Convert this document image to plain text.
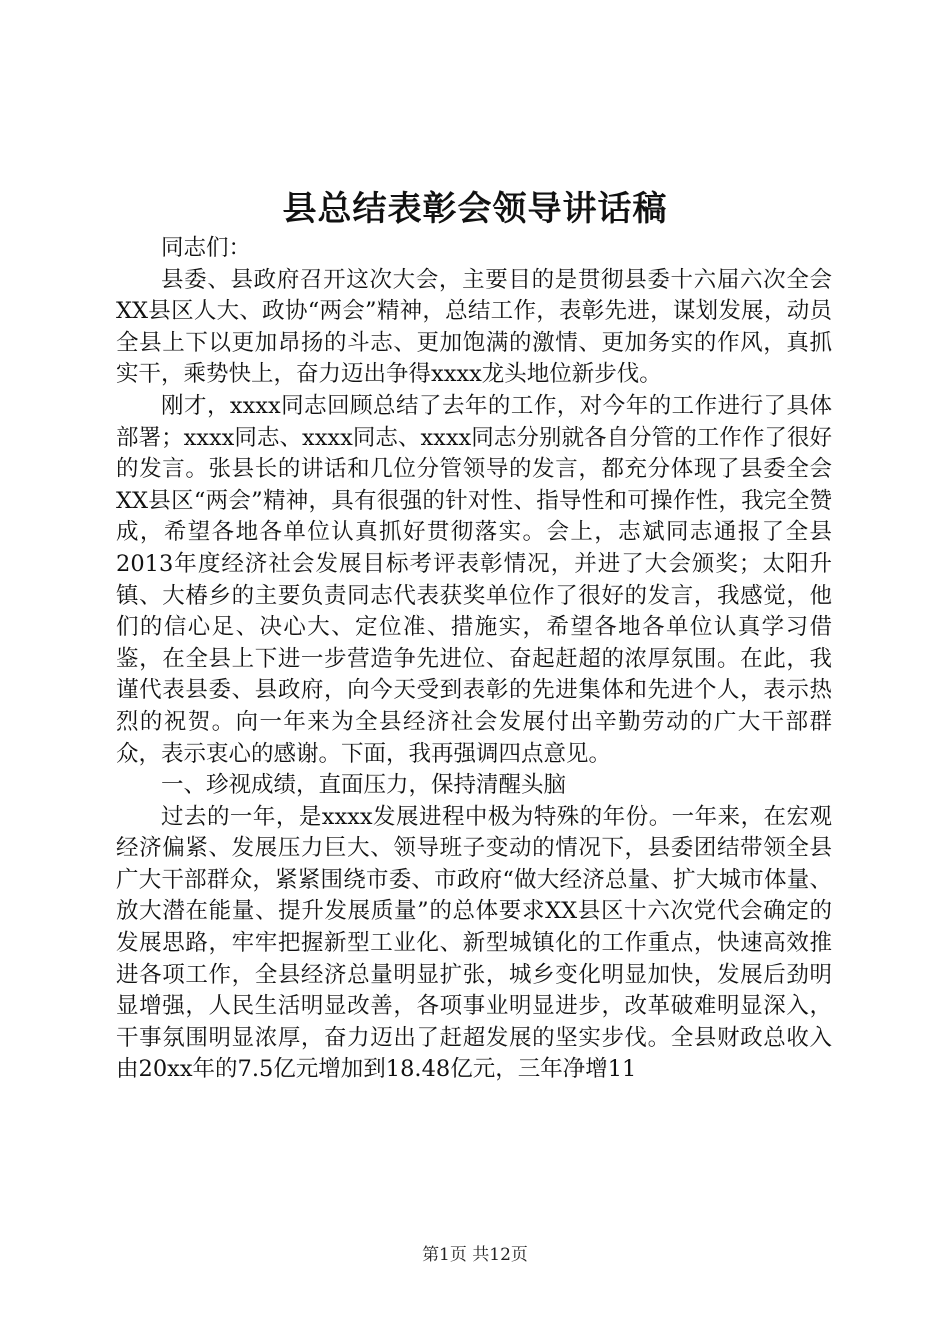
县总结表彰会领导讲话稿

同志们：

县委、县政府召开这次大会，主要目的是贯彻县委十六届六次全会XX县区人大、政协“两会”精神，总结工作，表彰先进，谋划发展，动员全县上下以更加昂扬的斗志、更加饱满的激情、更加务实的作风，真抓实干，乘势快上，奋力迈出争得xxxx龙头地位新步伐。

刚才，xxxx同志回顾总结了去年的工作，对今年的工作进行了具体部署；xxxx同志、xxxx同志、xxxx同志分别就各自分管的工作作了很好的发言。张县长的讲话和几位分管领导的发言，都充分体现了县委全会XX县区“两会”精神，具有很强的针对性、指导性和可操作性，我完全赞成，希望各地各单位认真抓好贯彻落实。会上，志斌同志通报了全县2013年度经济社会发展目标考评表彰情况，并进了大会颁奖；太阳升镇、大椿乡的主要负责同志代表获奖单位作了很好的发言，我感觉，他们的信心足、决心大、定位准、措施实，希望各地各单位认真学习借鉴，在全县上下进一步营造争先进位、奋起赶超的浓厚氛围。在此，我谨代表县委、县政府，向今天受到表彰的先进集体和先进个人，表示热烈的祝贺。向一年来为全县经济社会发展付出辛勤劳动的广大干部群众，表示衷心的感谢。下面，我再强调四点意见。

一、珍视成绩，直面压力，保持清醒头脑

过去的一年，是xxxx发展进程中极为特殊的年份。一年来，在宏观经济偏紧、发展压力巨大、领导班子变动的情况下，县委团结带领全县广大干部群众，紧紧围绕市委、市政府“做大经济总量、扩大城市体量、放大潜在能量、提升发展质量”的总体要求XX县区十六次党代会确定的发展思路，牢牢把握新型工业化、新型城镇化的工作重点，快速高效推进各项工作，全县经济总量明显扩张，城乡变化明显加快，发展后劲明显增强，人民生活明显改善，各项事业明显进步，改革破难明显深入，干事氛围明显浓厚，奋力迈出了赶超发展的坚实步伐。全县财政总收入由20xx年的7.5亿元增加到18.48亿元，三年净增11

第1页 共12页
